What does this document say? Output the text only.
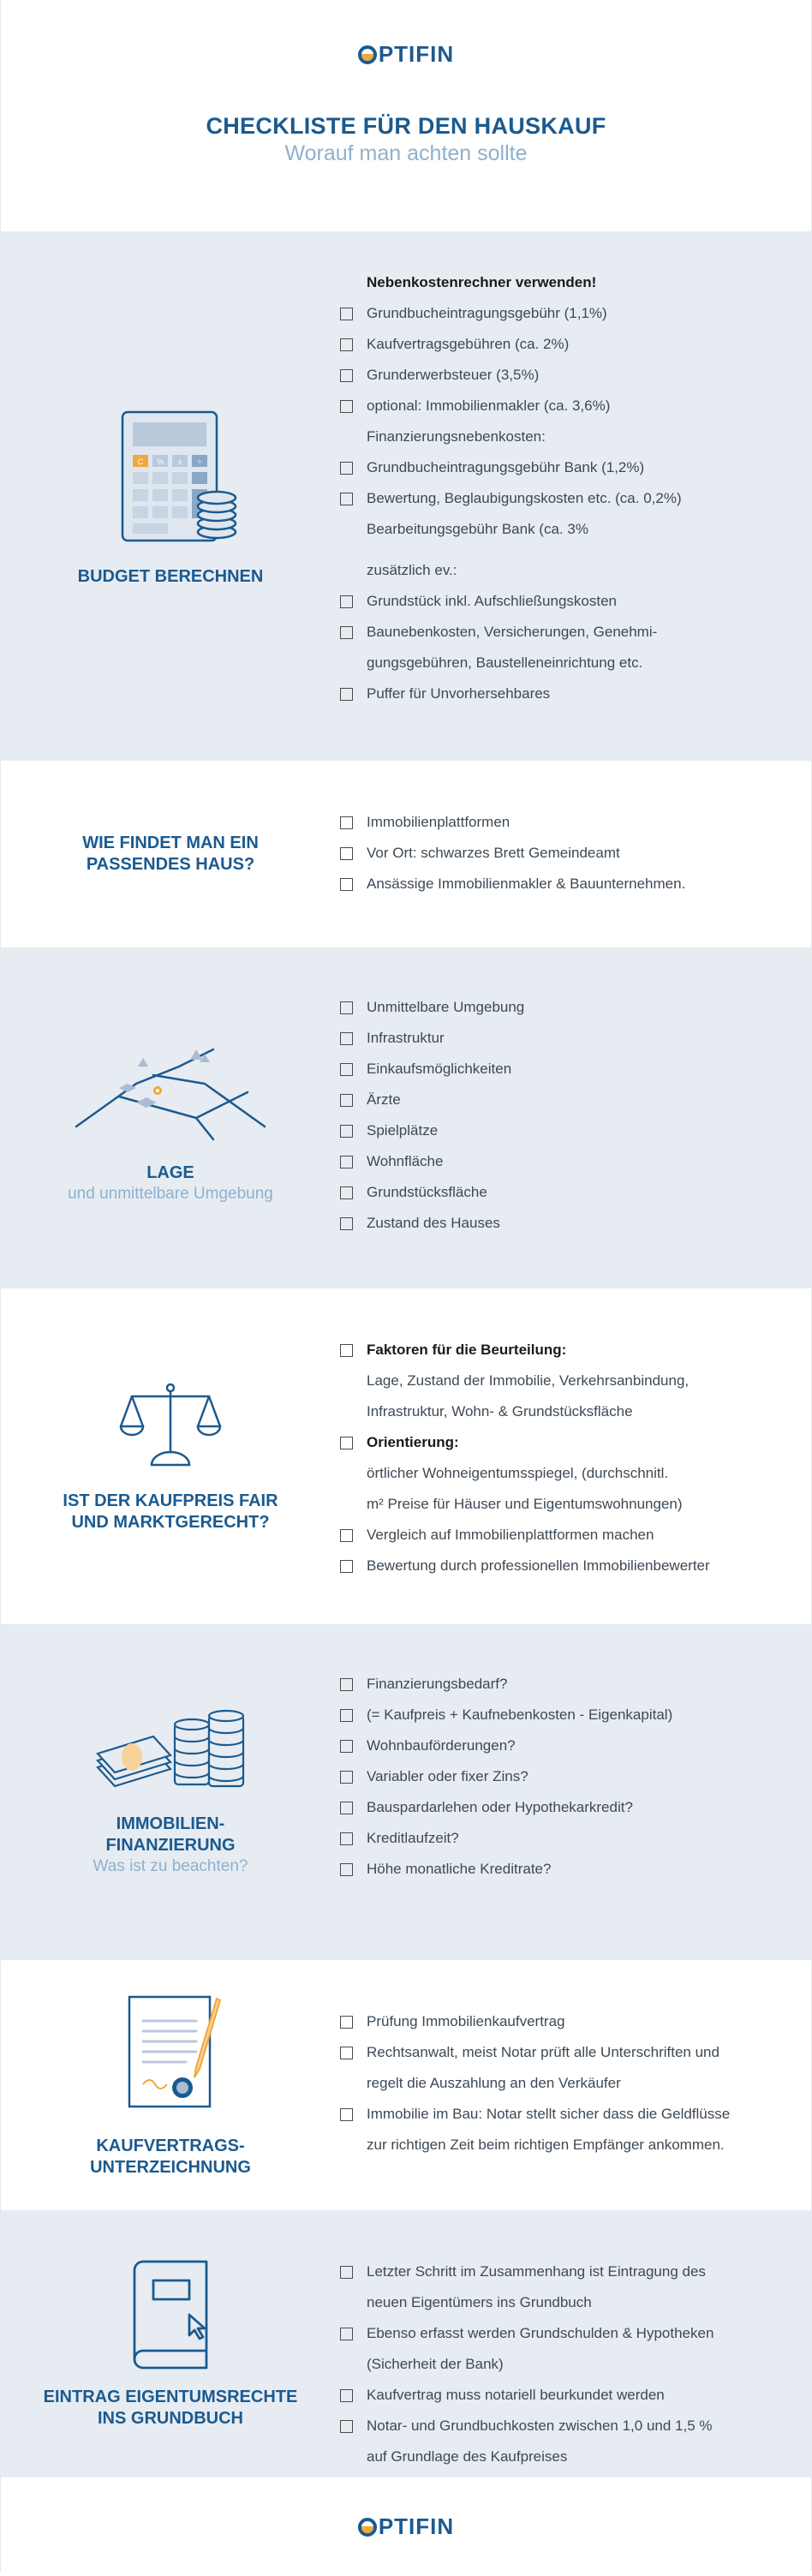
PTIFIN
CHECKLISTE FÜR DEN HAUSKAUF
Worauf man achten sollte
C % ± ÷
BUDGET BERECHNEN
Nebenkostenrechner verwenden!
Grundbucheintragungsgebühr (1,1%)
Kaufvertragsgebühren (ca. 2%)
Grunderwerbsteuer (3,5%)
optional: Immobilienmakler (ca. 3,6%)
Finanzierungsnebenkosten:
Grundbucheintragungsgebühr Bank (1,2%)
Bewertung, Beglaubigungskosten etc. (ca. 0,2%)
Bearbeitungsgebühr Bank (ca. 3%
zusätzlich ev.:
Grundstück inkl. Aufschließungskosten
Baunebenkosten, Versicherungen, Genehmi-
gungsgebühren, Baustelleneinrichtung etc.
Puffer für Unvorhersehbares
WIE FINDET MAN EIN
PASSENDES HAUS?
Immobilienplattformen
Vor Ort: schwarzes Brett Gemeindeamt
Ansässige Immobilienmakler & Bauunternehmen.
LAGE
und unmittelbare Umgebung
Unmittelbare Umgebung
Infrastruktur
Einkaufsmöglichkeiten
Ärzte
Spielplätze
Wohnfläche
Grundstücksfläche
Zustand des Hauses
IST DER KAUFPREIS FAIR
UND MARKTGERECHT?
Faktoren für die Beurteilung:
Lage, Zustand der Immobilie, Verkehrsanbindung,
Infrastruktur, Wohn- & Grundstücksfläche
Orientierung:
örtlicher Wohneigentumsspiegel, (durchschnitl.
m² Preise für Häuser und Eigentumswohnungen)
Vergleich auf Immobilienplattformen machen
Bewertung durch professionellen Immobilienbewerter
IMMOBILIEN-
FINANZIERUNG
Was ist zu beachten?
Finanzierungsbedarf?
(= Kaufpreis + Kaufnebenkosten - Eigenkapital)
Wohnbauförderungen?
Variabler oder fixer Zins?
Bauspardarlehen oder Hypothekarkredit?
Kreditlaufzeit?
Höhe monatliche Kreditrate?
KAUFVERTRAGS-
UNTERZEICHNUNG
Prüfung Immobilienkaufvertrag
Rechtsanwalt, meist Notar prüft alle Unterschriften und
regelt die Auszahlung an den Verkäufer
Immobilie im Bau: Notar stellt sicher dass die Geldflüsse
zur richtigen Zeit beim richtigen Empfänger ankommen.
EINTRAG EIGENTUMSRECHTE
INS GRUNDBUCH
Letzter Schritt im Zusammenhang ist Eintragung des
neuen Eigentümers ins Grundbuch
Ebenso erfasst werden Grundschulden & Hypotheken
(Sicherheit der Bank)
Kaufvertrag muss notariell beurkundet werden
Notar- und Grundbuchkosten zwischen 1,0 und 1,5 %
auf Grundlage des Kaufpreises
PTIFIN
